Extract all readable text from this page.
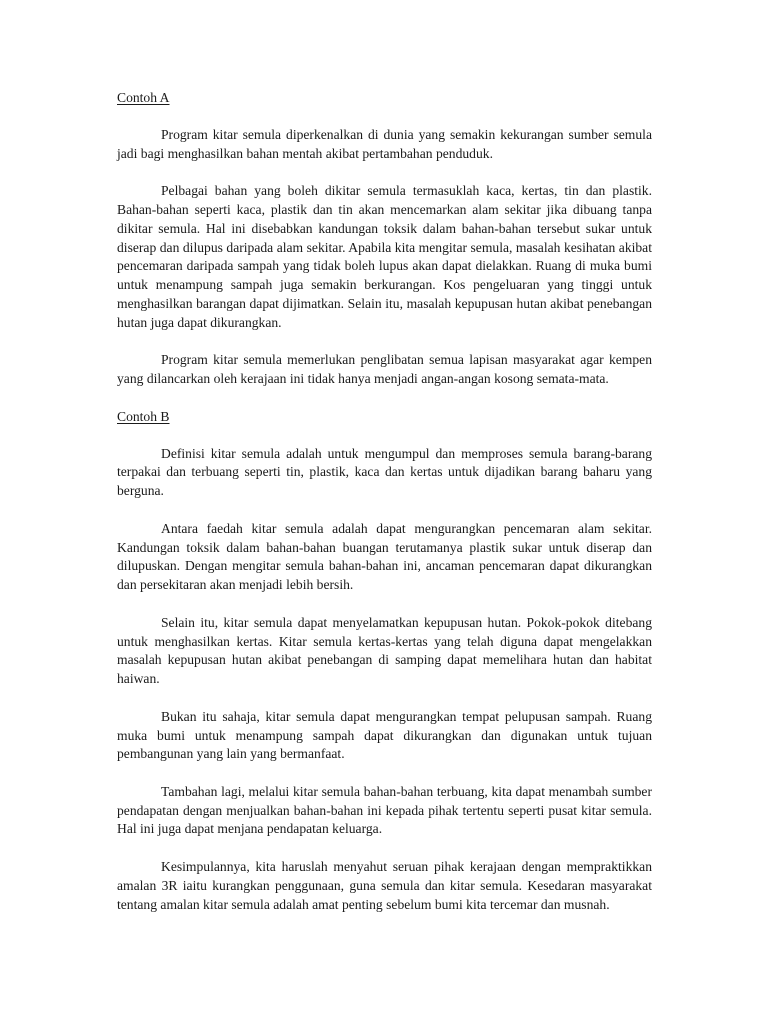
Contoh A

Program kitar semula diperkenalkan di dunia yang semakin kekurangan sumber semula jadi bagi menghasilkan bahan mentah akibat pertambahan penduduk.

Pelbagai bahan yang boleh dikitar semula termasuklah kaca, kertas, tin dan plastik. Bahan-bahan seperti kaca, plastik dan tin akan mencemarkan alam sekitar jika dibuang tanpa dikitar semula. Hal ini disebabkan kandungan toksik dalam bahan-bahan tersebut sukar untuk diserap dan dilupus daripada alam sekitar. Apabila kita mengitar semula, masalah kesihatan akibat pencemaran daripada sampah yang tidak boleh lupus akan dapat dielakkan. Ruang di muka bumi untuk menampung sampah juga semakin berkurangan. Kos pengeluaran yang tinggi untuk menghasilkan barangan dapat dijimatkan. Selain itu, masalah kepupusan hutan akibat penebangan hutan juga dapat dikurangkan.

Program kitar semula memerlukan penglibatan semua lapisan masyarakat agar kempen yang dilancarkan oleh kerajaan ini tidak hanya menjadi angan-angan kosong semata-mata.

Contoh B

Definisi kitar semula adalah untuk mengumpul dan memproses semula barang-barang terpakai dan terbuang seperti tin, plastik, kaca dan kertas untuk dijadikan barang baharu yang berguna.

Antara faedah kitar semula adalah dapat mengurangkan pencemaran alam sekitar. Kandungan toksik dalam bahan-bahan buangan terutamanya plastik sukar untuk diserap dan dilupuskan. Dengan mengitar semula bahan-bahan ini, ancaman pencemaran dapat dikurangkan dan persekitaran akan menjadi lebih bersih.

Selain itu, kitar semula dapat menyelamatkan kepupusan hutan. Pokok-pokok ditebang untuk menghasilkan kertas. Kitar semula kertas-kertas yang telah diguna dapat mengelakkan masalah kepupusan hutan akibat penebangan di samping dapat memelihara hutan dan habitat haiwan.

Bukan itu sahaja, kitar semula dapat mengurangkan tempat pelupusan sampah. Ruang muka bumi untuk menampung sampah dapat dikurangkan dan digunakan untuk tujuan pembangunan yang lain yang bermanfaat.

Tambahan lagi, melalui kitar semula bahan-bahan terbuang, kita dapat menambah sumber pendapatan dengan menjualkan bahan-bahan ini kepada pihak tertentu seperti pusat kitar semula. Hal ini juga dapat menjana pendapatan keluarga.

Kesimpulannya, kita haruslah menyahut seruan pihak kerajaan dengan mempraktikkan amalan 3R iaitu kurangkan penggunaan, guna semula dan kitar semula. Kesedaran masyarakat tentang amalan kitar semula adalah amat penting sebelum bumi kita tercemar dan musnah.
